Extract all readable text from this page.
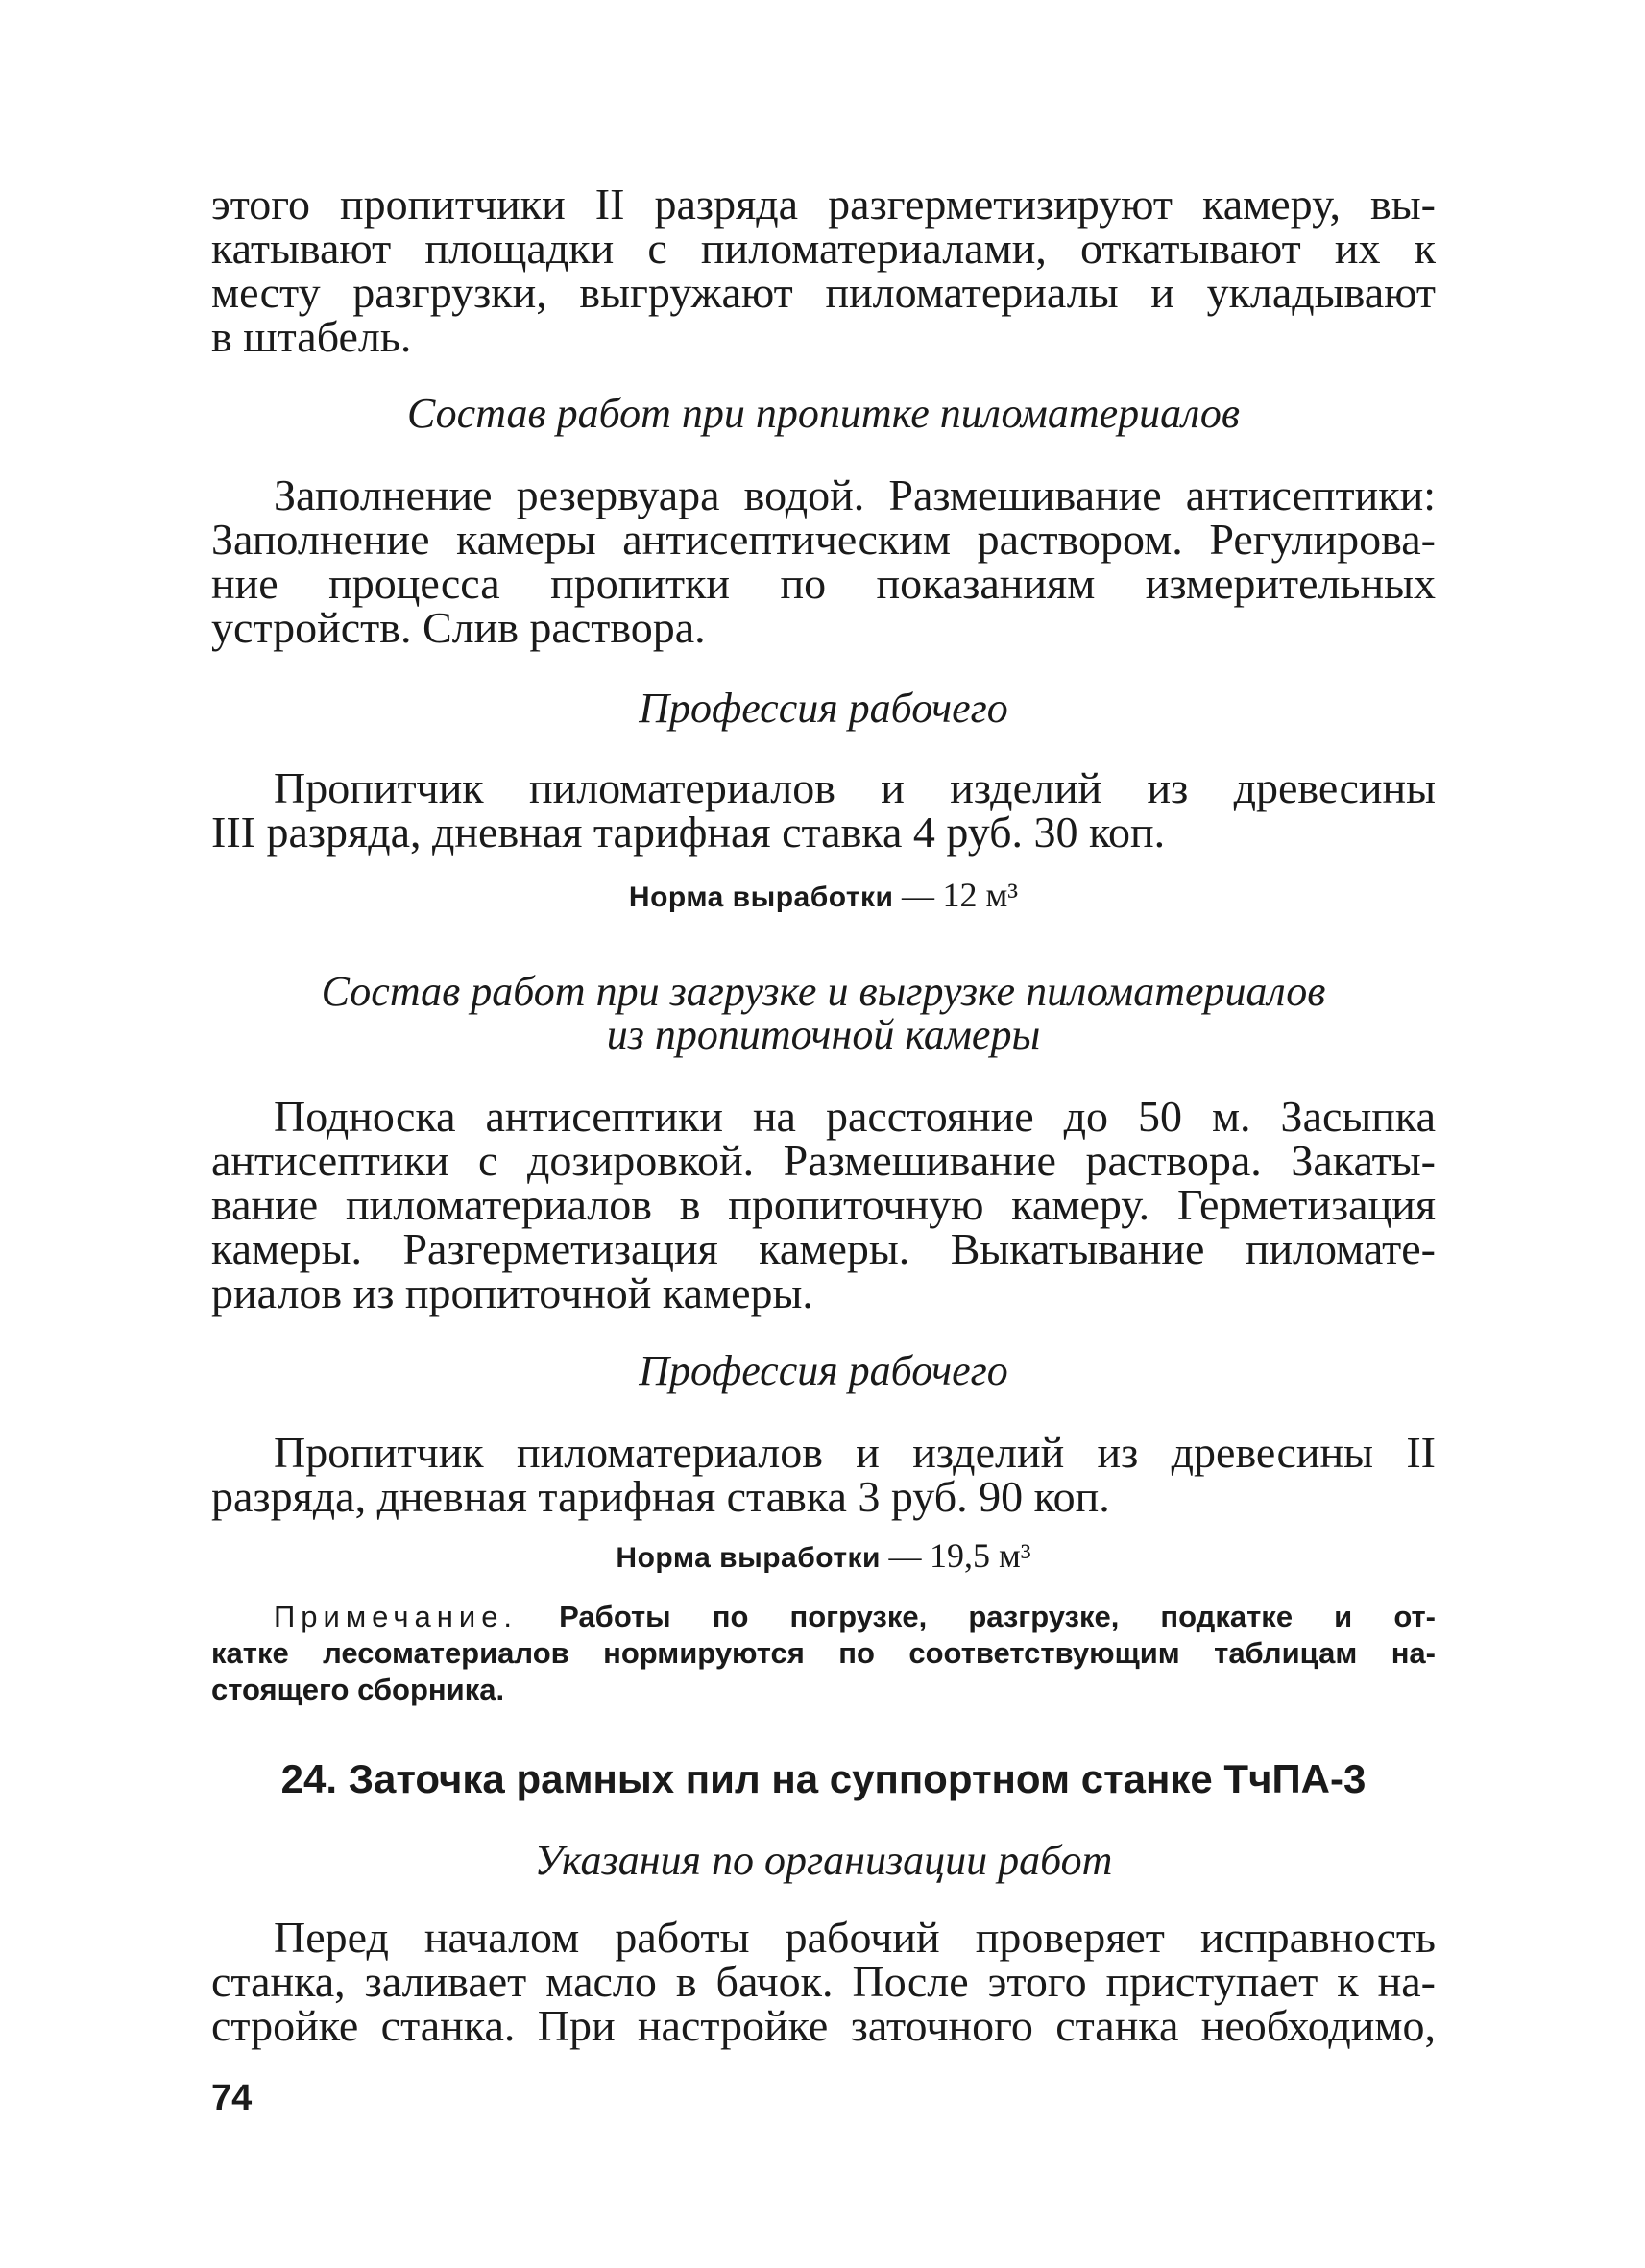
этого пропитчики II разряда разгерметизируют камеру, вы-
катывают площадки с пиломатериалами, откатывают их к
месту разгрузки, выгружают пиломатериалы и укладывают
в штабель.

Состав работ при пропитке пиломатериалов

Заполнение резервуара водой. Размешивание антисептики:
Заполнение камеры антисептическим раствором. Регулирова-
ние процесса пропитки по показаниям измерительных
устройств. Слив раствора.

Профессия рабочего

Пропитчик пиломатериалов и изделий из древесины
III разряда, дневная тарифная ставка 4 руб. 30 коп.

Норма выработки — 12 м³

Состав работ при загрузке и выгрузке пиломатериалов

из пропиточной камеры

Подноска антисептики на расстояние до 50 м. Засыпка
антисептики с дозировкой. Размешивание раствора. Закаты-
вание пиломатериалов в пропиточную камеру. Герметизация
камеры. Разгерметизация камеры. Выкатывание пиломате-
риалов из пропиточной камеры.

Профессия рабочего

Пропитчик пиломатериалов и изделий из древесины II
разряда, дневная тарифная ставка 3 руб. 90 коп.

Норма выработки — 19,5 м³

Примечание. Работы по погрузке, разгрузке, подкатке и от-
катке лесоматериалов нормируются по соответствующим таблицам на-
стоящего сборника.

24. Заточка рамных пил на суппортном станке ТчПА-3

Указания по организации работ

Перед началом работы рабочий проверяет исправность
станка, заливает масло в бачок. После этого приступает к на-
стройке станка. При настройке заточного станка необходимо,

74
